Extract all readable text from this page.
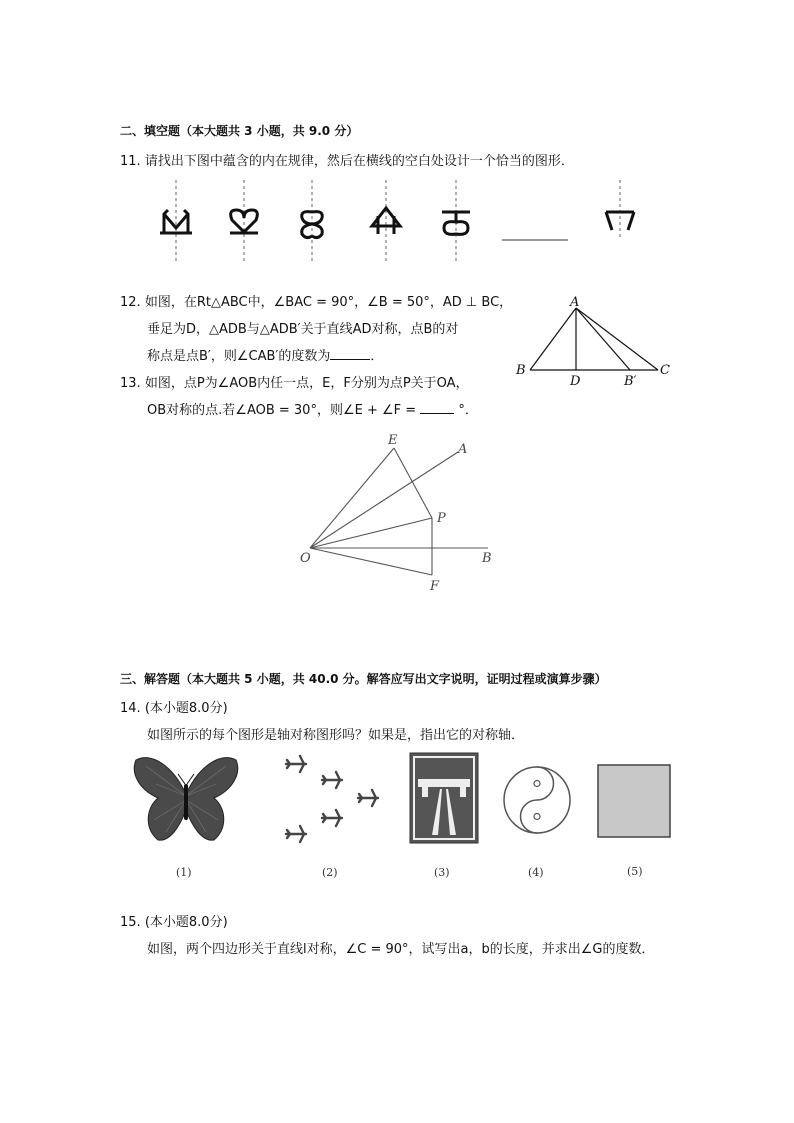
二、填空题（本大题共 3 小题，共 9.0 分）
11. 请找出下图中蕴含的内在规律，然后在横线的空白处设计一个恰当的图形．
12. 如图，在Rt△ABC中，∠BAC = 90°，∠B = 50°，AD ⊥ BC，
垂足为D，△ADB与△ADB′关于直线AD对称，点B的对
称点是点B′，则∠CAB′的度数为	．
A
B	C
D	B′
13. 如图，点P为∠AOB内任一点，E，F分别为点P关于OA，
OB对称的点.若∠AOB = 30°，则∠E + ∠F =	°．
E
A
P
O	B
F
三、解答题（本大题共 5 小题，共 40.0 分。解答应写出文字说明，证明过程或演算步骤）
14. (本小题8.0分)
如图所示的每个图形是轴对称图形吗？如果是，指出它的对称轴．
(1)	(2)	(3)	(4)	(5)
15. (本小题8.0分)
如图，两个四边形关于直线l对称，∠C = 90°，试写出a，b的长度，并求出∠G的度数．
